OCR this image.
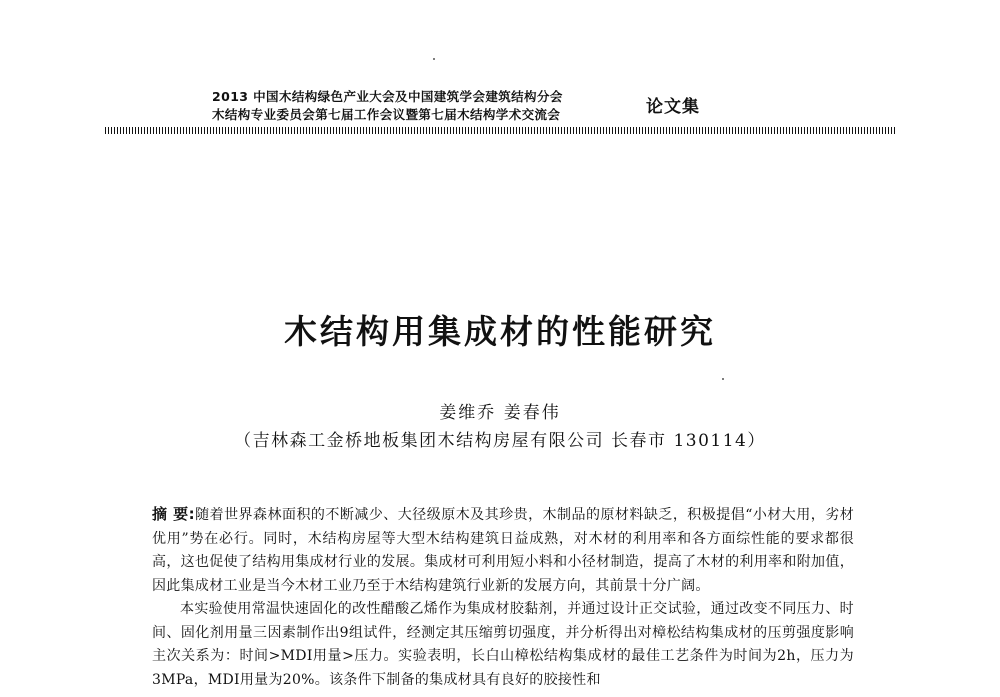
2013 中国木结构绿色产业大会及中国建筑学会建筑结构分会
木结构专业委员会第七届工作会议暨第七届木结构学术交流会	论文集
木结构用集成材的性能研究
姜维乔 姜春伟
（吉林森工金桥地板集团木结构房屋有限公司 长春市 130114）

摘 要:随着世界森林面积的不断减少、大径级原木及其珍贵，木制品的原材料缺乏，积极提倡“小材大用，劣材优用”势在必行。同时，木结构房屋等大型木结构建筑日益成熟，对木材的利用率和各方面综性能的要求都很高，这也促使了结构用集成材行业的发展。集成材可利用短小料和小径材制造，提高了木材的利用率和附加值，因此集成材工业是当今木材工业乃至于木结构建筑行业新的发展方向，其前景十分广阔。

本实验使用常温快速固化的改性醋酸乙烯作为集成材胶黏剂，并通过设计正交试验，通过改变不同压力、时间、固化剂用量三因素制作出9组试件，经测定其压缩剪切强度，并分析得出对樟松结构集成材的压剪强度影响主次关系为：时间>MDI用量>压力。实验表明，长白山樟松结构集成材的最佳工艺条件为时间为2h，压力为3MPa，MDI用量为20%。该条件下制备的集成材具有良好的胶接性和
